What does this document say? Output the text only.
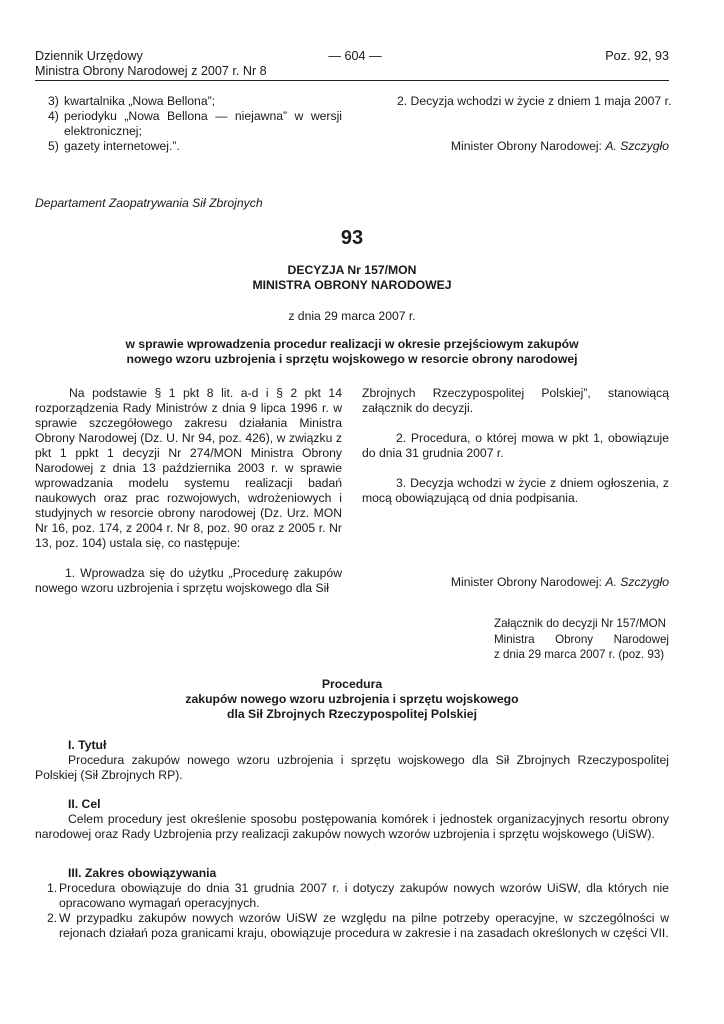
Dziennik Urzędowy
Ministra Obrony Narodowej z 2007 r. Nr 8
— 604 —	Poz. 92, 93
3) kwartalnika „Nowa Bellona”;
4) periodyku „Nowa Bellona — niejawna” w wersji elektronicznej;
5) gazety internetowej.”.
2. Decyzja wchodzi w życie z dniem 1 maja 2007 r.
Minister Obrony Narodowej: A. Szczygło
Departament Zaopatrywania Sił Zbrojnych
93
DECYZJA Nr 157/MON
MINISTRA OBRONY NARODOWEJ
z dnia 29 marca 2007 r.
w sprawie wprowadzenia procedur realizacji w okresie przejściowym zakupów
nowego wzoru uzbrojenia i sprzętu wojskowego w resorcie obrony narodowej

Na podstawie § 1 pkt 8 lit. a-d i § 2 pkt 14 rozporządzenia Rady Ministrów z dnia 9 lipca 1996 r. w sprawie szczegółowego zakresu działania Ministra Obrony Narodowej (Dz. U. Nr 94, poz. 426), w związku z pkt 1 ppkt 1 decyzji Nr 274/MON Ministra Obrony Narodowej z dnia 13 października 2003 r. w sprawie wprowadzania modelu systemu realizacji badań naukowych oraz prac rozwojowych, wdrożeniowych i studyjnych w resorcie obrony narodowej (Dz. Urz. MON Nr 16, poz. 174, z 2004 r. Nr 8, poz. 90 oraz z 2005 r. Nr 13, poz. 104) ustala się, co następuje:

1. Wprowadza się do użytku „Procedurę zakupów nowego wzoru uzbrojenia i sprzętu wojskowego dla Sił

Zbrojnych Rzeczypospolitej Polskiej”, stanowiącą załącznik do decyzji.

2. Procedura, o której mowa w pkt 1, obowiązuje do dnia 31 grudnia 2007 r.

3. Decyzja wchodzi w życie z dniem ogłoszenia, z mocą obowiązującą od dnia podpisania.

Minister Obrony Narodowej: A. Szczygło
Załącznik do decyzji Nr 157/MON
Ministra Obrony Narodowej
z dnia 29 marca 2007 r. (poz. 93)
Procedura
zakupów nowego wzoru uzbrojenia i sprzętu wojskowego
dla Sił Zbrojnych Rzeczypospolitej Polskiej
I. Tytuł
Procedura zakupów nowego wzoru uzbrojenia i sprzętu wojskowego dla Sił Zbrojnych Rzeczypospolitej Polskiej (Sił Zbrojnych RP).
II. Cel
Celem procedury jest określenie sposobu postępowania komórek i jednostek organizacyjnych resortu obrony narodowej oraz Rady Uzbrojenia przy realizacji zakupów nowych wzorów uzbrojenia i sprzętu wojskowego (UiSW).
III. Zakres obowiązywania
1. Procedura obowiązuje do dnia 31 grudnia 2007 r. i dotyczy zakupów nowych wzorów UiSW, dla których nie opracowano wymagań operacyjnych.
2. W przypadku zakupów nowych wzorów UiSW ze względu na pilne potrzeby operacyjne, w szczególności w rejonach działań poza granicami kraju, obowiązuje procedura w zakresie i na zasadach określonych w części VII.
